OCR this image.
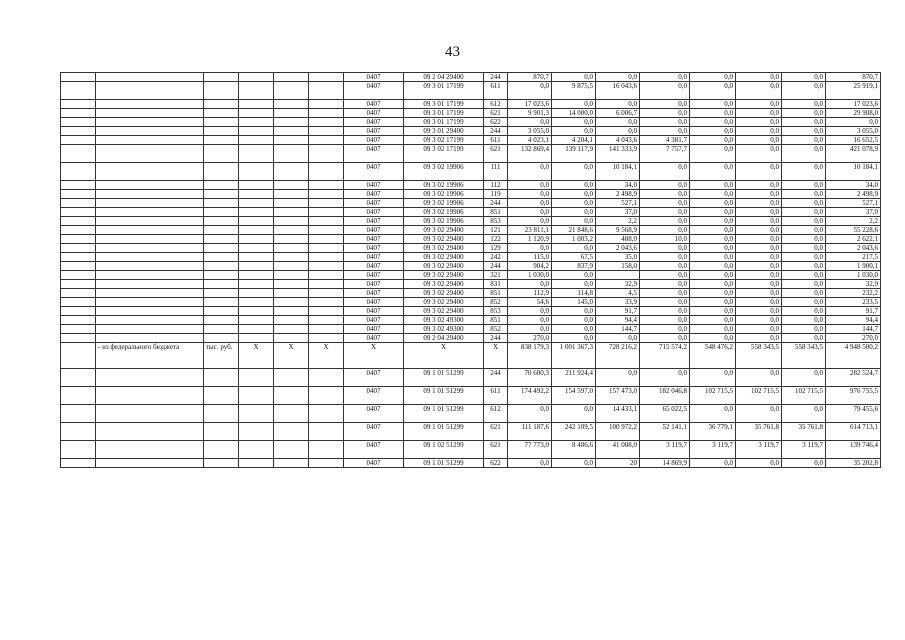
43
						0407	09 2 04 29400	244	870,7	0,0	0,0	0,0	0,0	0,0	0,0	870,7
						0407	09 3 01 17199	611	0,0	9 875,5	16 043,6	0,0	0,0	0,0	0,0	25 919,1
						0407	09 3 01 17199	612	17 023,6	0,0	0,0	0,0	0,0	0,0	0,0	17 023,6
						0407	09 3 01 17199	621	9 901,3	14 000,0	6 006,7	0,0	0,0	0,0	0,0	29 908,0
						0407	09 3 01 17199	622	0,0	0,0	0,0	0,0	0,0	0,0	0,0	0,0
						0407	09 3 01 29400	244	3 055,0	0,0	0,0	0,0	0,0	0,0	0,0	3 055,0
						0407	09 3 02 17199	611	4 023,1	4 204,1	4 043,6	4 381,7	0,0	0,0	0,0	16 652,5
						0407	09 3 02 17199	621	132 869,4	139 117,9	141 333,9	7 757,7	0,0	0,0	0,0	421 078,9
						0407	09 3 02 19906	111	0,0	0,0	10 184,1	0,0	0,0	0,0	0,0	10 184,1
						0407	09 3 02 19906	112	0,0	0,0	34,0	0,0	0,0	0,0	0,0	34,0
						0407	09 3 02 19906	119	0,0	0,0	2 498,9	0,0	0,0	0,0	0,0	2 498,9
						0407	09 3 02 19906	244	0,0	0,0	527,1	0,0	0,0	0,0	0,0	527,1
						0407	09 3 02 19906	851	0,0	0,0	37,0	0,0	0,0	0,0	0,0	37,0
						0407	09 3 02 19906	853	0,0	0,0	2,2	0,0	0,0	0,0	0,0	2,2
						0407	09 3 02 29400	121	23 811,1	21 848,6	9 568,9	0,0	0,0	0,0	0,0	55 228,6
						0407	09 3 02 29400	122	1 120,9	1 003,2	488,0	10,0	0,0	0,0	0,0	2 622,1
						0407	09 3 02 29400	129	0,0	0,0	2 043,6	0,0	0,0	0,0	0,0	2 043,6
						0407	09 3 02 29400	242	115,0	67,5	35,0	0,0	0,0	0,0	0,0	217,5
						0407	09 3 02 29400	244	904,2	837,9	158,0	0,0	0,0	0,0	0,0	1 900,1
						0407	09 3 02 29400	321	1 030,0	0,0		0,0	0,0	0,0	0,0	1 030,0
						0407	09 3 02 29400	831	0,0	0,0	32,9	0,0	0,0	0,0	0,0	32,9
						0407	09 3 02 29400	851	112,9	114,8	4,5	0,0	0,0	0,0	0,0	232,2
						0407	09 3 02 29400	852	54,6	145,0	33,9	0,0	0,0	0,0	0,0	233,5
						0407	09 3 02 29400	853	0,0	0,0	91,7	0,0	0,0	0,0	0,0	91,7
						0407	09 3 02 49300	851	0,0	0,0	94,4	0,0	0,0	0,0	0,0	94,4
						0407	09 3 02 49300	852	0,0	0,0	144,7	0,0	0,0	0,0	0,0	144,7
						0407	09 2 04 29400	244	270,0	0,0	0,0	0,0	0,0	0,0	0,0	270,0
	- из федерального бюджета	тыс. руб.	X	X	X	X	X	X	838 179,3	1 001 367,3	728 216,2	715 574,2	548 476,2	558 343,5	558 343,5	4 948 500,2
						0407	09 1 01 51299	244	70 600,3	211 924,4	0,0	0,0	0,0	0,0	0,0	282 524,7
						0407	09 1 01 51299	611	174 492,2	154 597,0	157 473,0	182 046,8	102 715,5	102 715,5	102 715,5	976 755,5
						0407	09 1 01 51299	612	0,0	0,0	14 433,1	65 022,5	0,0	0,0	0,0	79 455,6
						0407	09 1 01 51299	621	111 187,6	242 109,5	100 972,2	52 141,1	36 779,1	35 761,8	35 761,8	614 713,1
						0407	09 1 02 51299	621	77 773,0	8 486,6	41 008,0	3 119,7	3 119,7	3 119,7	3 119,7	139 746,4
						0407	09 1 01 51299	622	0,0	0,0	20	14 869,9	0,0	0,0	0,0	35 202,8
